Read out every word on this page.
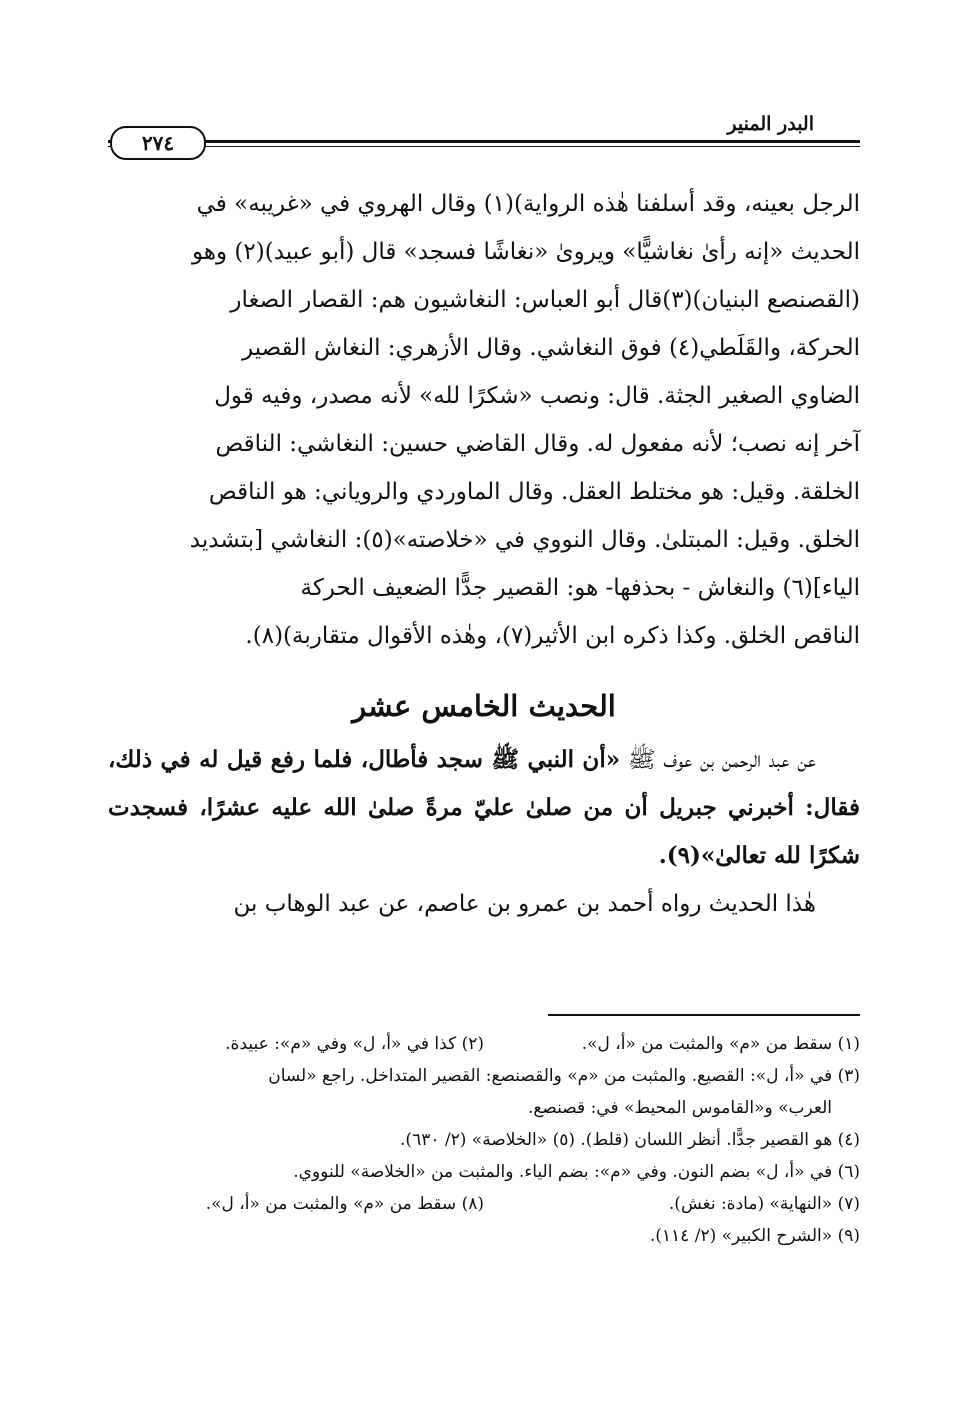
البدر المنير
٢٧٤

الرجل بعينه، وقد أسلفنا هٰذه الرواية)(١) وقال الهروي في «غريبه» في

الحديث «إنه رأىٰ نغاشيًّا» ويروىٰ «نغاشًا فسجد» قال (أبو عبيد)(٢) وهو

(القصنصع البنيان)(٣)قال أبو العباس: النغاشيون هم: القصار الصغار

الحركة، والقَلَطي(٤) فوق النغاشي. وقال الأزهري: النغاش القصير

الضاوي الصغير الجثة. قال: ونصب «شكرًا لله» لأنه مصدر، وفيه قول

آخر إنه نصب؛ لأنه مفعول له. وقال القاضي حسين: النغاشي: الناقص

الخلقة. وقيل: هو مختلط العقل. وقال الماوردي والروياني: هو الناقص

الخلق. وقيل: المبتلىٰ. وقال النووي في «خلاصته»(٥): النغاشي [بتشديد

الياء](٦) والنغاش - بحذفها- هو: القصير جدًّا الضعيف الحركة

الناقص الخلق. وكذا ذكره ابن الأثير(٧)، وهٰذه الأقوال متقاربة)(٨).

الحديث الخامس عشر

عن عبد الرحمن بن عوف ﷺ «أن النبي ﷺ سجد فأطال، فلما رفع قيل له في ذلك، فقال: أخبرني جبريل أن من صلىٰ عليّ مرةً صلىٰ الله عليه عشرًا، فسجدت شكرًا لله تعالىٰ»(٩).

هٰذا الحديث رواه أحمد بن عمرو بن عاصم، عن عبد الوهاب بن

(١) سقط من «م» والمثبت من «أ، ل».
(٢) كذا في «أ، ل» وفي «م»: عبيدة.

(٣) في «أ، ل»: القصيع. والمثبت من «م» والقصنصع: القصير المتداخل. راجع «لسان

العرب» و«القاموس المحيط» في: قصنصع.

(٤) هو القصير جدًّا. أنظر اللسان (قلط). (٥) «الخلاصة» (٢/ ٦٣٠).

(٦) في «أ، ل» بضم النون. وفي «م»: بضم الياء. والمثبت من «الخلاصة» للنووي.

(٧) «النهاية» (مادة: نغش).
(٨) سقط من «م» والمثبت من «أ، ل».

(٩) «الشرح الكبير» (٢/ ١١٤).
